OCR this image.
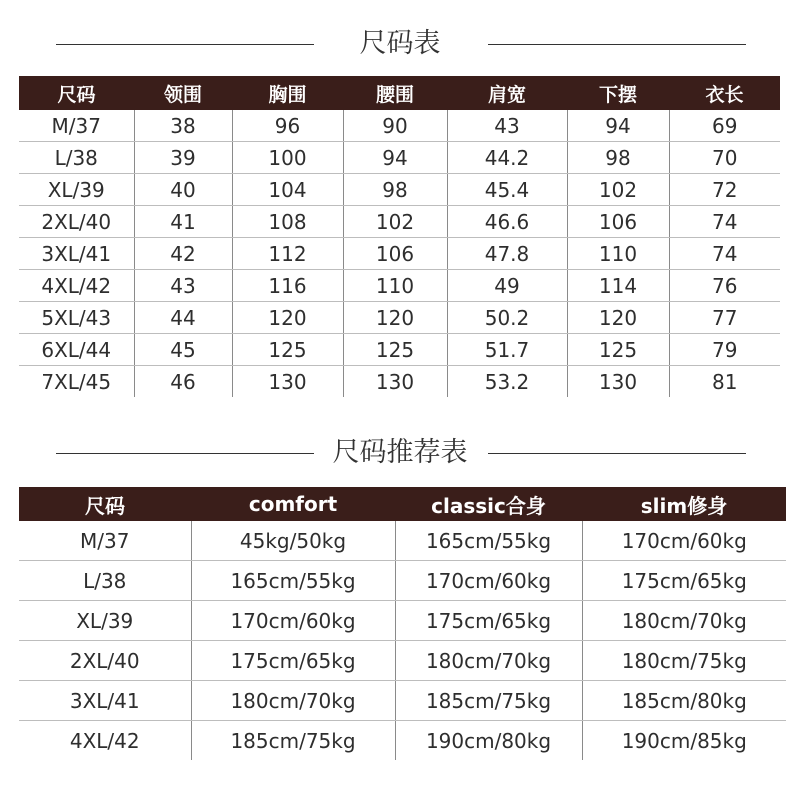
尺码表
尺码	领围	胸围	腰围	肩宽	下摆	衣长
M/37	38	96	90	43	94	69
L/38	39	100	94	44.2	98	70
XL/39	40	104	98	45.4	102	72
2XL/40	41	108	102	46.6	106	74
3XL/41	42	112	106	47.8	110	74
4XL/42	43	116	110	49	114	76
5XL/43	44	120	120	50.2	120	77
6XL/44	45	125	125	51.7	125	79
7XL/45	46	130	130	53.2	130	81
尺码推荐表
尺码	comfort	classic合身	slim修身
M/37	45kg/50kg	165cm/55kg	170cm/60kg
L/38	165cm/55kg	170cm/60kg	175cm/65kg
XL/39	170cm/60kg	175cm/65kg	180cm/70kg
2XL/40	175cm/65kg	180cm/70kg	180cm/75kg
3XL/41	180cm/70kg	185cm/75kg	185cm/80kg
4XL/42	185cm/75kg	190cm/80kg	190cm/85kg
